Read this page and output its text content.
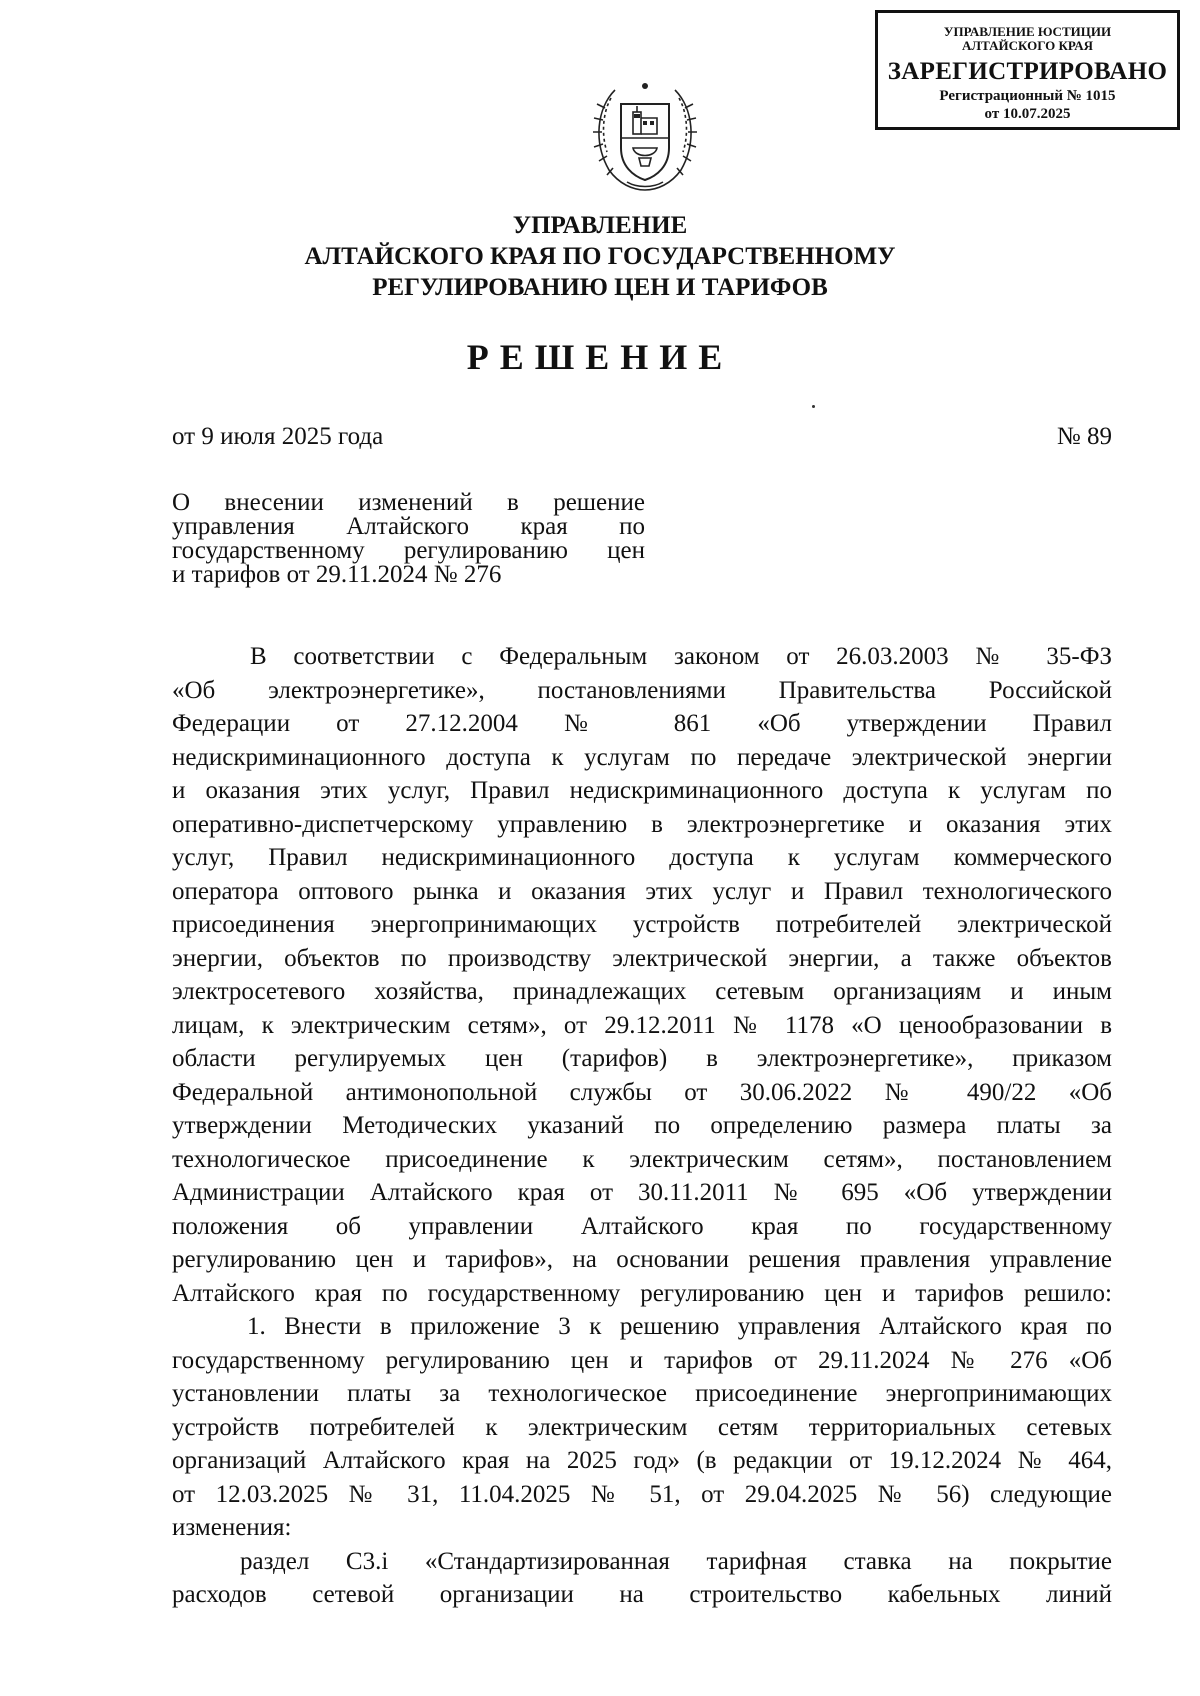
УПРАВЛЕНИЕ ЮСТИЦИИ
АЛТАЙСКОГО КРАЯ
ЗАРЕГИСТРИРОВАНО
Регистрационный № 1015
от 10.07.2025
УПРАВЛЕНИЕ
АЛТАЙСКОГО КРАЯ ПО ГОСУДАРСТВЕННОМУ
РЕГУЛИРОВАНИЮ ЦЕН И ТАРИФОВ
РЕШЕНИЕ
от 9 июля 2025 года	№ 89
О внесении изменений в решение
управления Алтайского края по
государственному регулированию цен
и тарифов от 29.11.2024 № 276
В соответствии с Федеральным законом от 26.03.2003 № 35-ФЗ
«Об электроэнергетике», постановлениями Правительства Российской
Федерации от 27.12.2004 № 861 «Об утверждении Правил
недискриминационного доступа к услугам по передаче электрической энергии
и оказания этих услуг, Правил недискриминационного доступа к услугам по
оперативно-диспетчерскому управлению в электроэнергетике и оказания этих
услуг, Правил недискриминационного доступа к услугам коммерческого
оператора оптового рынка и оказания этих услуг и Правил технологического
присоединения энергопринимающих устройств потребителей электрической
энергии, объектов по производству электрической энергии, а также объектов
электросетевого хозяйства, принадлежащих сетевым организациям и иным
лицам, к электрическим сетям», от 29.12.2011 № 1178 «О ценообразовании в
области регулируемых цен (тарифов) в электроэнергетике», приказом
Федеральной антимонопольной службы от 30.06.2022 № 490/22 «Об
утверждении Методических указаний по определению размера платы за
технологическое присоединение к электрическим сетям», постановлением
Администрации Алтайского края от 30.11.2011 № 695 «Об утверждении
положения об управлении Алтайского края по государственному
регулированию цен и тарифов», на основании решения правления управление
Алтайского края по государственному регулированию цен и тарифов решило:
1. Внести в приложение 3 к решению управления Алтайского края по
государственному регулированию цен и тарифов от 29.11.2024 № 276 «Об
установлении платы за технологическое присоединение энергопринимающих
устройств потребителей к электрическим сетям территориальных сетевых
организаций Алтайского края на 2025 год» (в редакции от 19.12.2024 № 464,
от 12.03.2025 № 31, 11.04.2025 № 51, от 29.04.2025 № 56) следующие
изменения:
раздел С3.i «Стандартизированная тарифная ставка на покрытие
расходов сетевой организации на строительство кабельных линий
